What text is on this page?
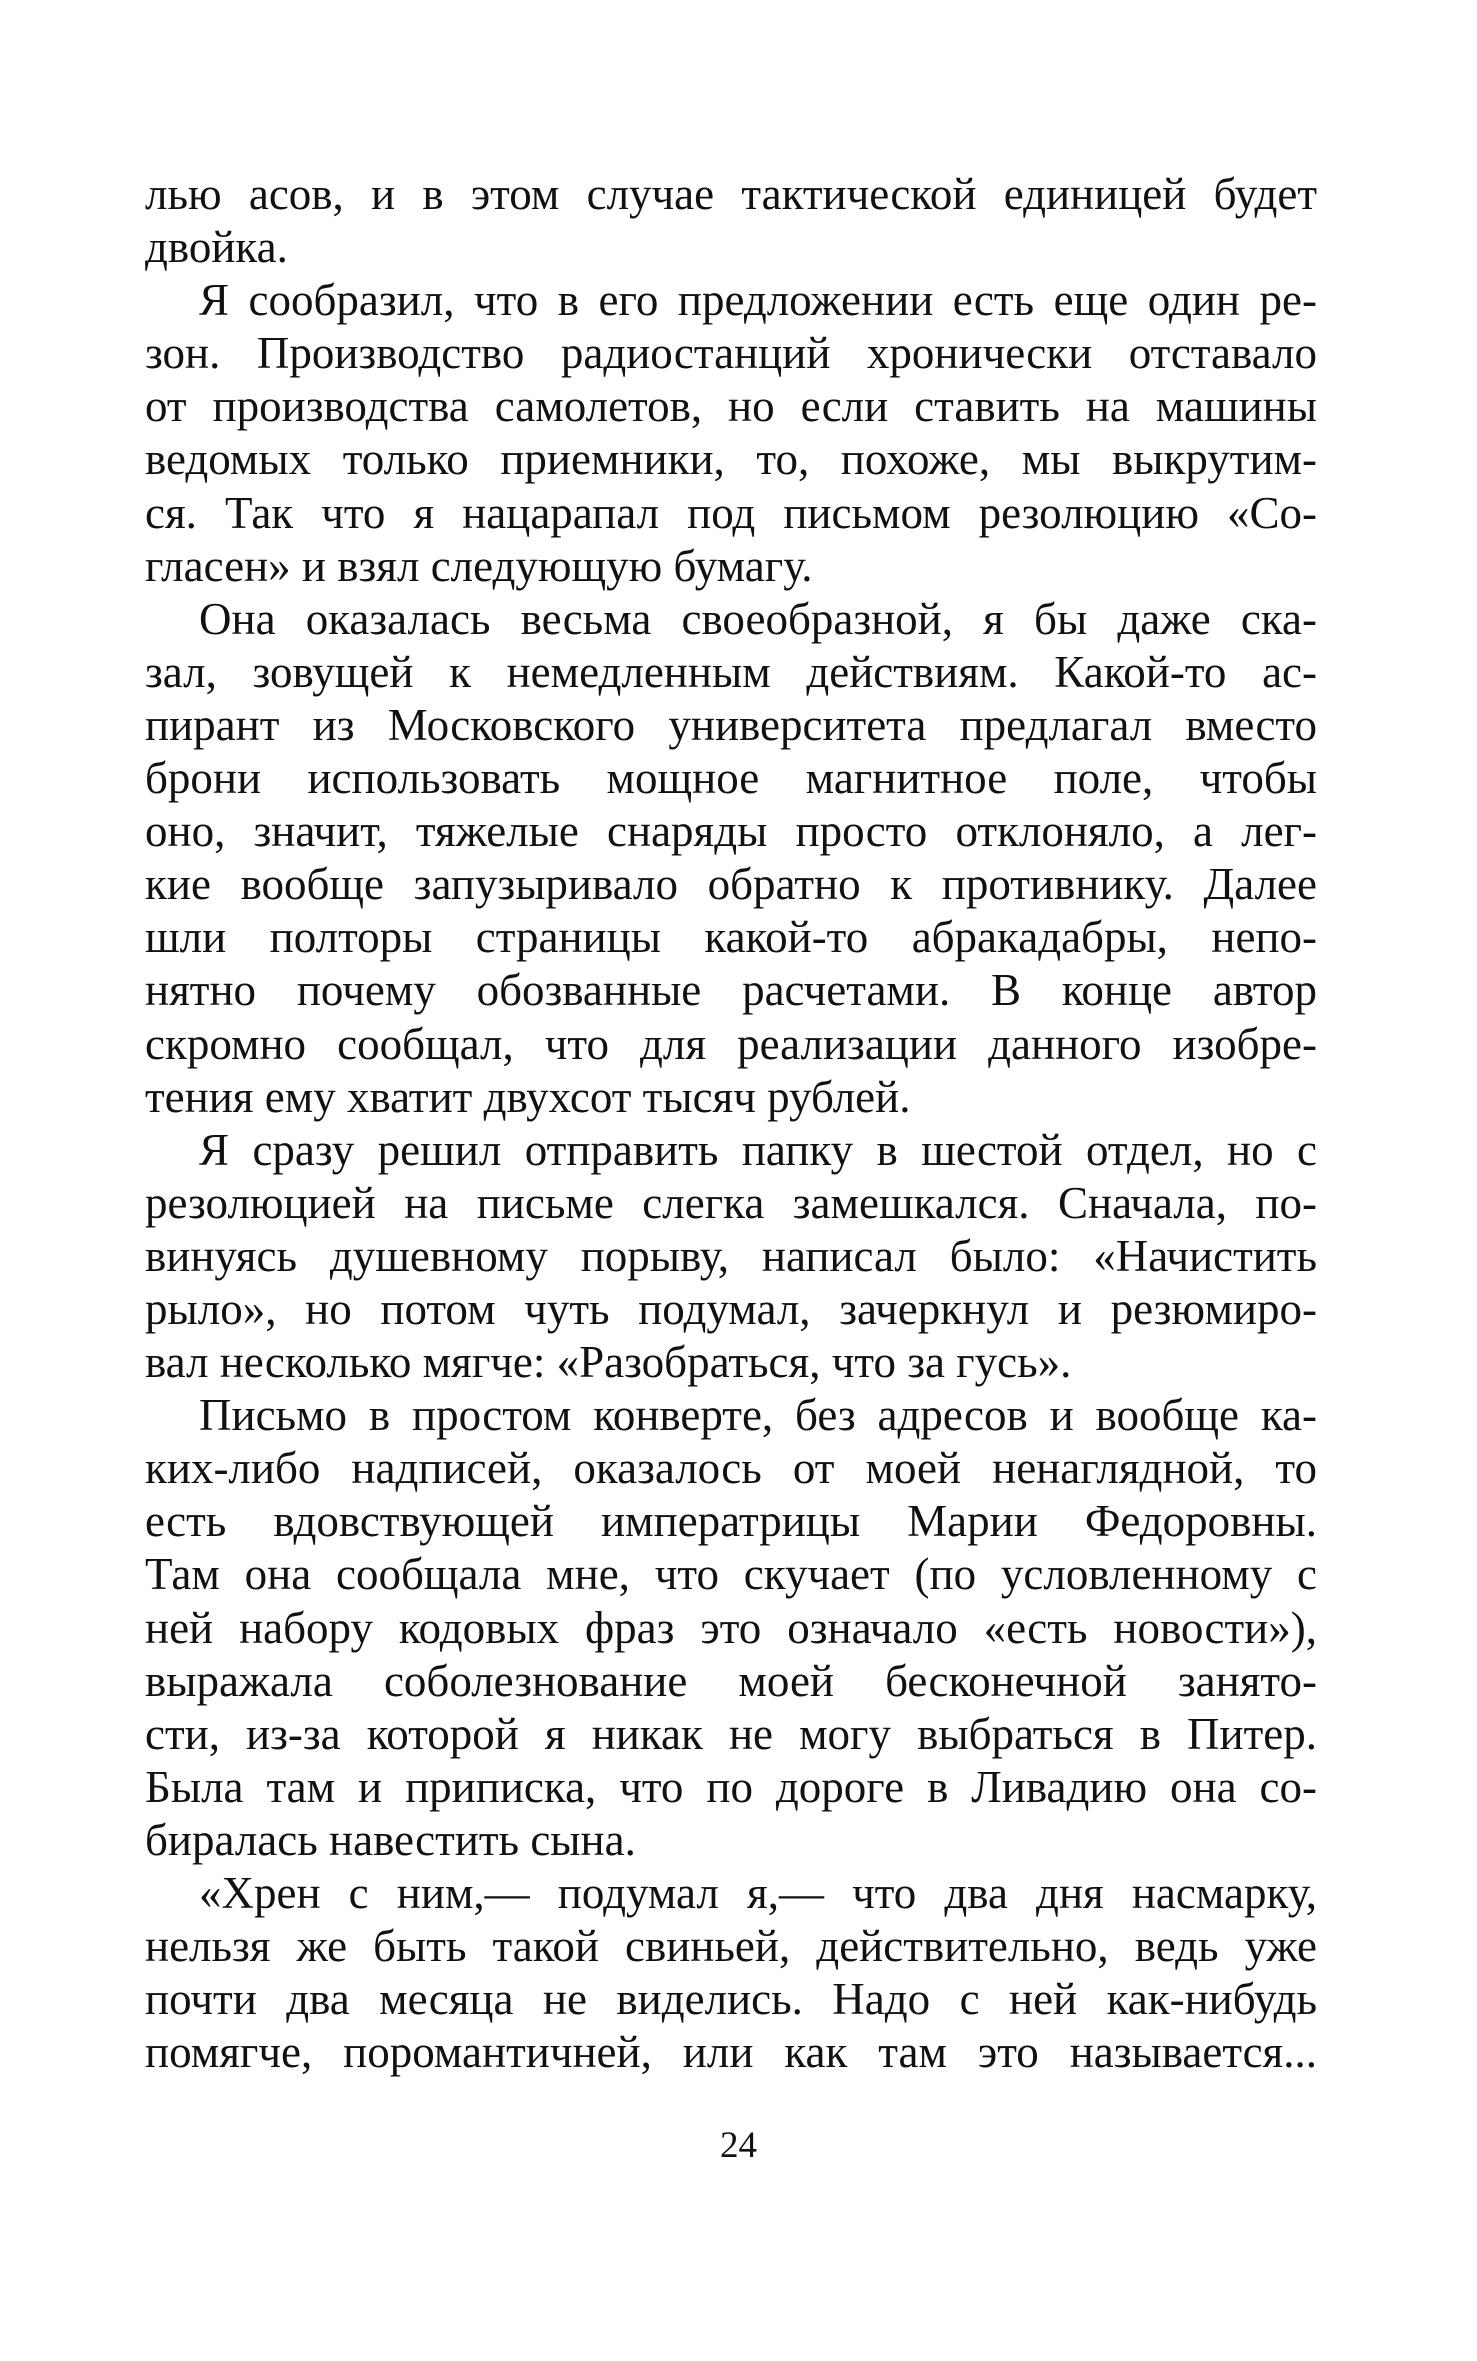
лью асов, и в этом случае тактической единицей будет
двойка.
Я сообразил, что в его предложении есть еще один ре-
зон. Производство радиостанций хронически отставало
от производства самолетов, но если ставить на машины
ведомых только приемники, то, похоже, мы выкрутим-
ся. Так что я нацарапал под письмом резолюцию «Со-
гласен» и взял следующую бумагу.
Она оказалась весьма своеобразной, я бы даже ска-
зал, зовущей к немедленным действиям. Какой-то ас-
пирант из Московского университета предлагал вместо
брони использовать мощное магнитное поле, чтобы
оно, значит, тяжелые снаряды просто отклоняло, а лег-
кие вообще запузыривало обратно к противнику. Далее
шли полторы страницы какой-то абракадабры, непо-
нятно почему обозванные расчетами. В конце автор
скромно сообщал, что для реализации данного изобре-
тения ему хватит двухсот тысяч рублей.
Я сразу решил отправить папку в шестой отдел, но с
резолюцией на письме слегка замешкался. Сначала, по-
винуясь душевному порыву, написал было: «Начистить
рыло», но потом чуть подумал, зачеркнул и резюмиро-
вал несколько мягче: «Разобраться, что за гусь».
Письмо в простом конверте, без адресов и вообще ка-
ких-либо надписей, оказалось от моей ненаглядной, то
есть вдовствующей императрицы Марии Федоровны.
Там она сообщала мне, что скучает (по условленному с
ней набору кодовых фраз это означало «есть новости»),
выражала соболезнование моей бесконечной занято-
сти, из-за которой я никак не могу выбраться в Питер.
Была там и приписка, что по дороге в Ливадию она со-
биралась навестить сына.
«Хрен с ним,— подумал я,— что два дня насмарку,
нельзя же быть такой свиньей, действительно, ведь уже
почти два месяца не виделись. Надо с ней как-нибудь
помягче, поромантичней, или как там это называется...
24
